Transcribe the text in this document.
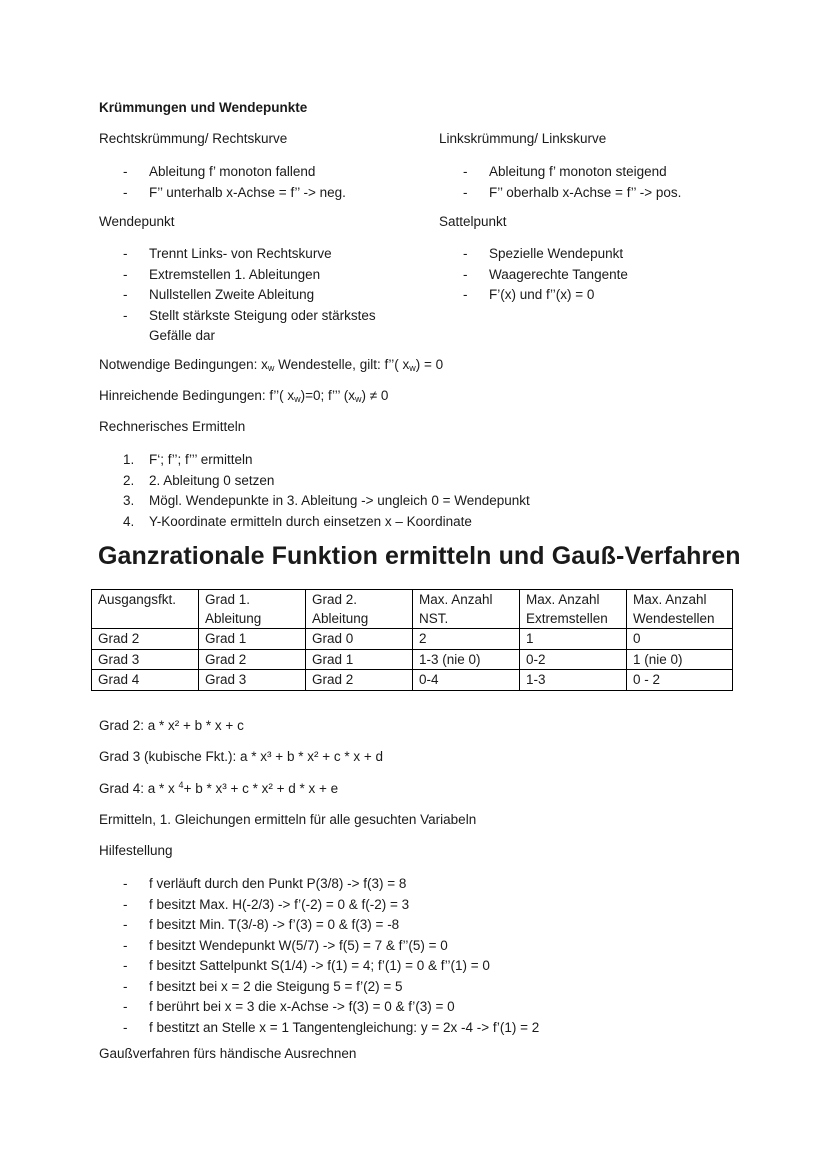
Krümmungen und Wendepunkte
Rechtskrümmung/ Rechtskurve	Linkskrümmung/ Linkskurve
- Ableitung f’ monoton fallend
- F’’ unterhalb x-Achse = f’’ -> neg.
- Ableitung f’ monoton steigend
- F’’ oberhalb x-Achse = f’’ -> pos.
Wendepunkt	Sattelpunkt
- Trennt Links- von Rechtskurve
- Extremstellen 1. Ableitungen
- Nullstellen Zweite Ableitung
- Stellt stärkste Steigung oder stärkstes Gefälle dar
- Spezielle Wendepunkt
- Waagerechte Tangente
- F’(x) und f’’(x) = 0
Notwendige Bedingungen: $x_w$ Wendestelle, gilt: f’’( $x_w) = 0$
Hinreichende Bedingungen: f’’( $x_w)=0$; f’’’ $(x_w) \ne 0$
Rechnerisches Ermitteln
1. F‘; f’’; f’’’ ermitteln
2. 2. Ableitung 0 setzen
3. Mögl. Wendepunkte in 3. Ableitung -> ungleich 0 = Wendepunkt
4. Y-Koordinate ermitteln durch einsetzen x – Koordinate
Ganzrationale Funktion ermitteln und Gauß-Verfahren
Ausgangsfkt.	Grad 1. Ableitung	Grad 2. Ableitung	Max. Anzahl NST.	Max. Anzahl Extremstellen	Max. Anzahl Wendestellen
Grad 2	Grad 1	Grad 0	2	1	0
Grad 3	Grad 2	Grad 1	1-3 (nie 0)	0-2	1 (nie 0)
Grad 4	Grad 3	Grad 2	0-4	1-3	0 - 2
Grad 2: a * x² + b * x + c
Grad 3 (kubische Fkt.): a * x³ + b * x² + c * x + d
Grad 4: a * x $^4$+ b * x³ + c * x² + d * x + e
Ermitteln, 1. Gleichungen ermitteln für alle gesuchten Variabeln
Hilfestellung
- f verläuft durch den Punkt P(3/8) -> f(3) = 8
- f besitzt Max. H(-2/3) -> f’(-2) = 0 & f(-2) = 3
- f besitzt Min. T(3/-8) -> f’(3) = 0 & f(3) = -8
- f besitzt Wendepunkt W(5/7) -> f(5) = 7 & f’’(5) = 0
- f besitzt Sattelpunkt S(1/4) -> f(1) = 4; f’(1) = 0 & f’’(1) = 0
- f besitzt bei x = 2 die Steigung 5 = f’(2) = 5
- f berührt bei x = 3 die x-Achse -> f(3) = 0 & f’(3) = 0
- f bestitzt an Stelle x = 1 Tangentengleichung: y = 2x -4 -> f’(1) = 2
Gaußverfahren fürs händische Ausrechnen
